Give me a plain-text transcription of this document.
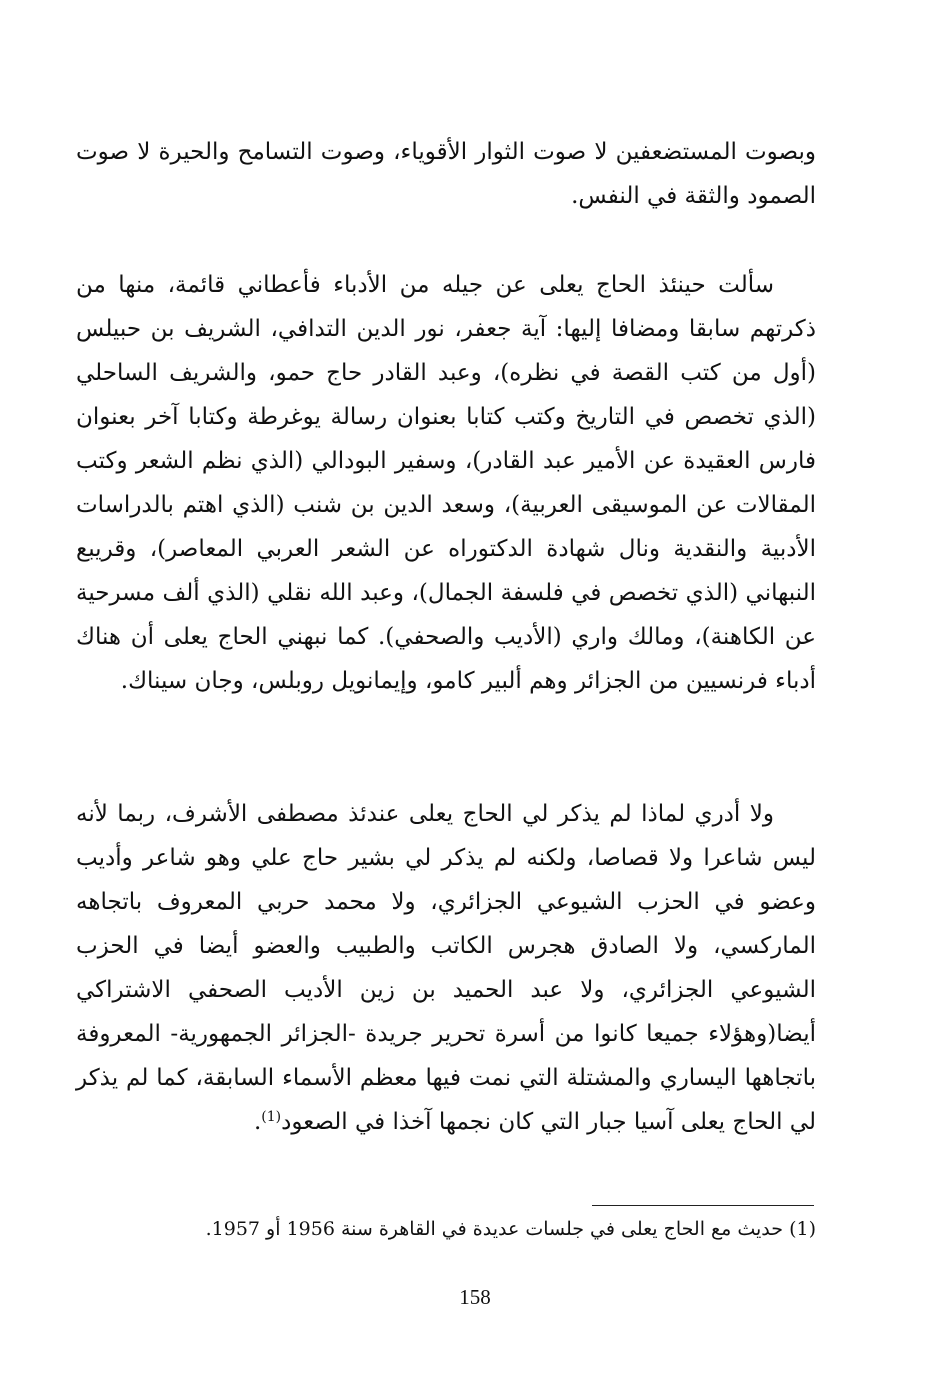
وبصوت المستضعفين لا صوت الثوار الأقوياء، وصوت التسامح والحيرة لا صوت الصمود والثقة في النفس.

سألت حينئذ الحاج يعلى عن جيله من الأدباء فأعطاني قائمة، منها من ذكرتهم سابقا ومضافا إليها: آية جعفر، نور الدين التدافي، الشريف بن حبيلس (أول من كتب القصة في نظره)، وعبد القادر حاج حمو، والشريف الساحلي (الذي تخصص في التاريخ وكتب كتابا بعنوان رسالة يوغرطة وكتابا آخر بعنوان فارس العقيدة عن الأمير عبد القادر)، وسفير البودالي (الذي نظم الشعر وكتب المقالات عن الموسيقى العربية)، وسعد الدين بن شنب (الذي اهتم بالدراسات الأدبية والنقدية ونال شهادة الدكتوراه عن الشعر العربي المعاصر)، وقريبع النبهاني (الذي تخصص في فلسفة الجمال)، وعبد الله نقلي (الذي ألف مسرحية عن الكاهنة)، ومالك واري (الأديب والصحفي). كما نبهني الحاج يعلى أن هناك أدباء فرنسيين من الجزائر وهم ألبير كامو، وإيمانويل روبلس، وجان سيناك.

ولا أدري لماذا لم يذكر لي الحاج يعلى عندئذ مصطفى الأشرف، ربما لأنه ليس شاعرا ولا قصاصا، ولكنه لم يذكر لي بشير حاج علي وهو شاعر وأديب وعضو في الحزب الشيوعي الجزائري، ولا محمد حربي المعروف باتجاهه الماركسي، ولا الصادق هجرس الكاتب والطبيب والعضو أيضا في الحزب الشيوعي الجزائري، ولا عبد الحميد بن زين الأديب الصحفي الاشتراكي أيضا(وهؤلاء جميعا كانوا من أسرة تحرير جريدة -الجزائر الجمهورية- المعروفة باتجاهها اليساري والمشتلة التي نمت فيها معظم الأسماء السابقة، كما لم يذكر لي الحاج يعلى آسيا جبار التي كان نجمها آخذا في الصعود$^{(1)}$.

(1) حديث مع الحاج يعلى في جلسات عديدة في القاهرة سنة 1956 أو 1957.
158
